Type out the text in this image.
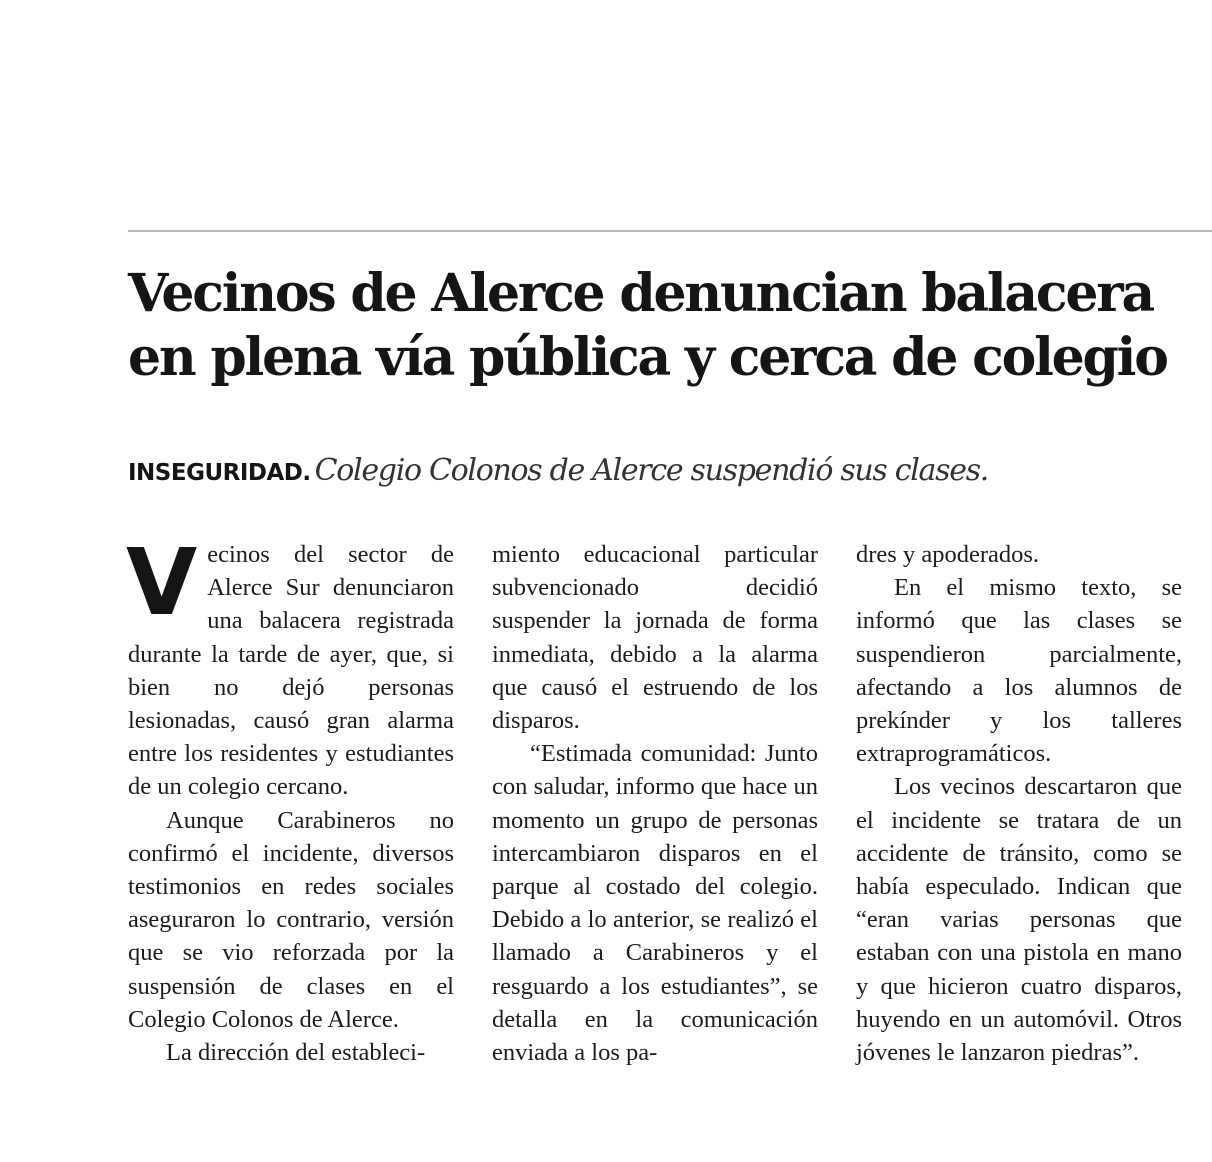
Vecinos de Alerce denuncian balacera
en plena vía pública y cerca de colegio
INSEGURIDAD. Colegio Colonos de Alerce suspendió sus clases.

Vecinos del sector de Alerce Sur denunciaron una balacera registrada durante la tarde de ayer, que, si bien no dejó personas lesionadas, causó gran alarma entre los residentes y estudiantes de un colegio cercano.

Aunque Carabineros no confirmó el incidente, diversos testimonios en redes sociales aseguraron lo contrario, versión que se vio reforzada por la suspensión de clases en el Colegio Colonos de Alerce.

La dirección del estableci-

miento educacional particular subvencionado decidió suspender la jornada de forma inmediata, debido a la alarma que causó el estruendo de los disparos.

“Estimada comunidad: Junto con saludar, informo que hace un momento un grupo de personas intercambiaron disparos en el parque al costado del colegio. Debido a lo anterior, se realizó el llamado a Carabineros y el resguardo a los estudiantes”, se detalla en la comunicación enviada a los pa-

dres y apoderados.

En el mismo texto, se informó que las clases se suspendieron parcialmente, afectando a los alumnos de prekínder y los talleres extraprogramáticos.

Los vecinos descartaron que el incidente se tratara de un accidente de tránsito, como se había especulado. Indican que “eran varias personas que estaban con una pistola en mano y que hicieron cuatro disparos, huyendo en un automóvil. Otros jóvenes le lanzaron piedras”.
